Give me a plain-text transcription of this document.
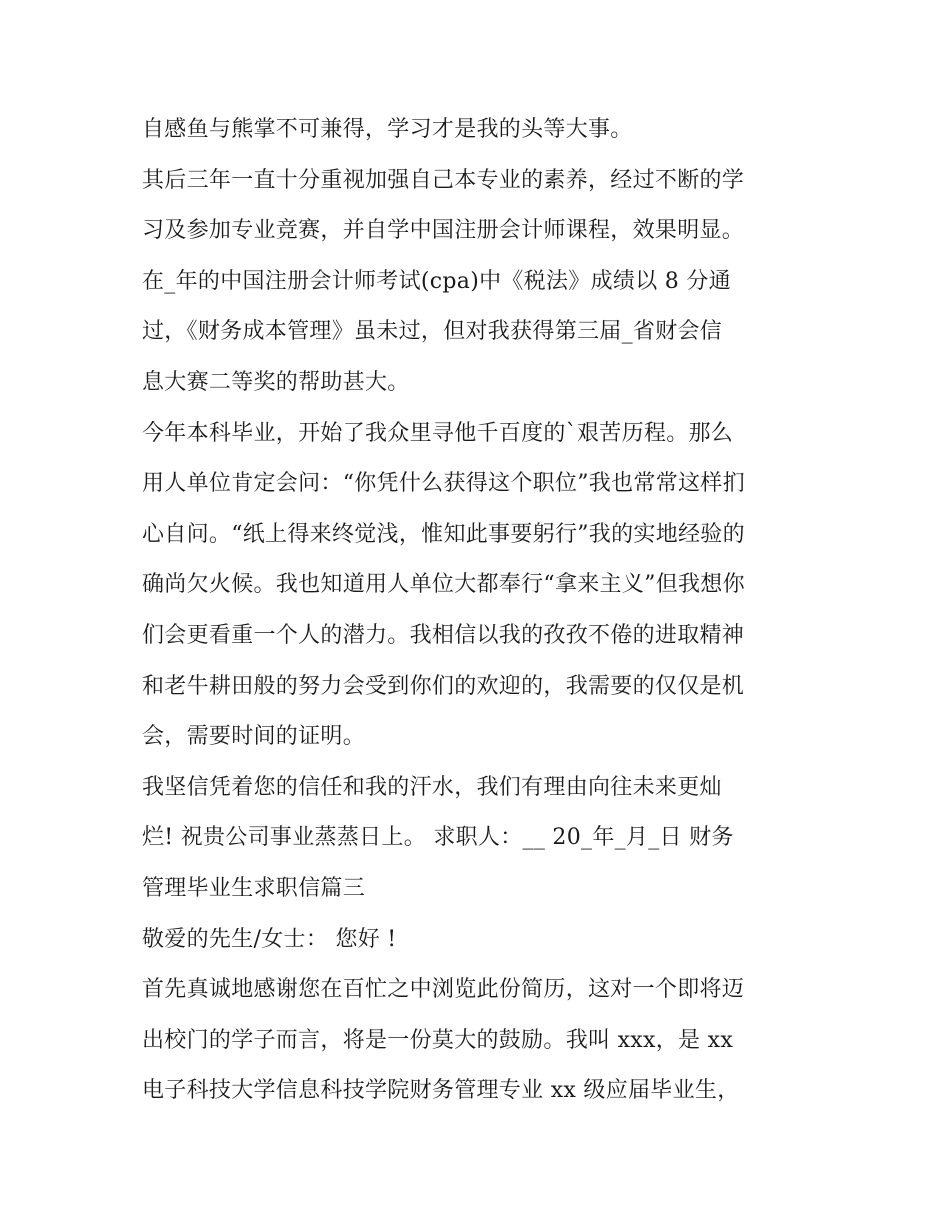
自感鱼与熊掌不可兼得，学习才是我的头等大事。
其后三年一直十分重视加强自己本专业的素养，经过不断的学
习及参加专业竞赛，并自学中国注册会计师课程，效果明显。
在_年的中国注册会计师考试(cpa)中《税法》成绩以 8 分通
过，《财务成本管理》虽未过，但对我获得第三届_省财会信
息大赛二等奖的帮助甚大。
今年本科毕业，开始了我众里寻他千百度的`艰苦历程。那么
用人单位肯定会问：“你凭什么获得这个职位”我也常常这样扪
心自问。“纸上得来终觉浅，惟知此事要躬行”我的实地经验的
确尚欠火候。我也知道用人单位大都奉行“拿来主义”但我想你
们会更看重一个人的潜力。我相信以我的孜孜不倦的进取精神
和老牛耕田般的努力会受到你们的欢迎的，我需要的仅仅是机
会，需要时间的证明。
我坚信凭着您的信任和我的汗水，我们有理由向往未来更灿
烂! 祝贵公司事业蒸蒸日上。 求职人：__ 20_年_月_日 财务
管理毕业生求职信篇三
敬爱的先生/女士： 您好 !
首先真诚地感谢您在百忙之中浏览此份简历，这对一个即将迈
出校门的学子而言，将是一份莫大的鼓励。我叫 xxx，是 xx
电子科技大学信息科技学院财务管理专业 xx 级应届毕业生，
